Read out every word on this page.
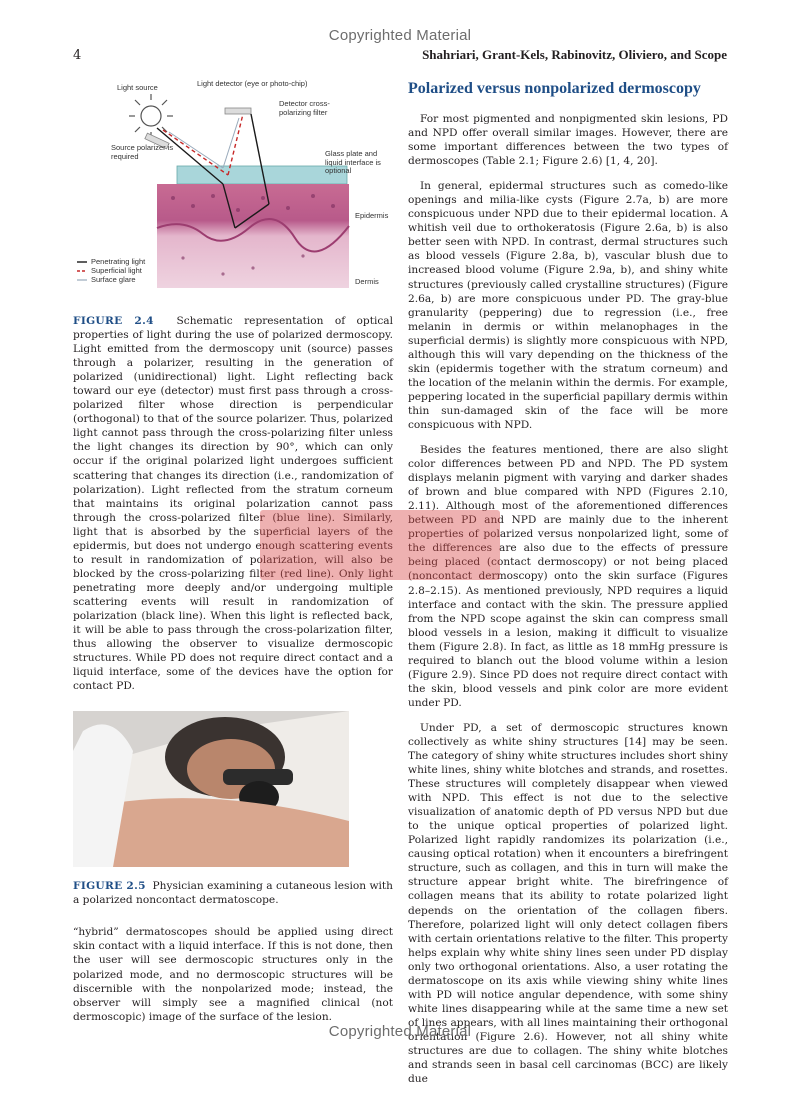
Copyrighted Material
4	Shahriari, Grant-Kels, Rabinovitz, Oliviero, and Scope
Light source	Light detector (eye or photo-chip)
Detector cross-polarizing filter
Source polarizer is required	Glass plate and liquid interface is optional
Epidermis
Dermis
Penetrating light
Superficial light
Surface glare

FIGURE 2.4 Schematic representation of optical properties of light during the use of polarized dermoscopy. Light emitted from the dermoscopy unit (source) passes through a polarizer, resulting in the generation of polarized (unidirectional) light. Light reflecting back toward our eye (detector) must first pass through a cross-polarized filter whose direction is perpendicular (orthogonal) to that of the source polarizer. Thus, polarized light cannot pass through the cross-polarizing filter unless the light changes its direction by 90°, which can only occur if the original polarized light undergoes sufficient scattering that changes its direction (i.e., randomization of polarization). Light reflected from the stratum corneum that maintains its original polarization cannot pass through the cross-polarized filter (blue line). Similarly, light that is absorbed by the superficial layers of the epidermis, but does not undergo enough scattering events to result in randomization of polarization, will also be blocked by the cross-polarizing filter (red line). Only light penetrating more deeply and/or undergoing multiple scattering events will result in randomization of polarization (black line). When this light is reflected back, it will be able to pass through the cross-polarization filter, thus allowing the observer to visualize dermoscopic structures. While PD does not require direct contact and a liquid interface, some of the devices have the option for contact PD.

FIGURE 2.5 Physician examining a cutaneous lesion with a polarized noncontact dermatoscope.

“hybrid” dermatoscopes should be applied using direct skin contact with a liquid interface. If this is not done, then the user will see dermoscopic structures only in the polarized mode, and no dermoscopic structures will be discernible with the nonpolarized mode; instead, the observer will simply see a magnified clinical (not dermoscopic) image of the surface of the lesion.

Polarized versus nonpolarized dermoscopy

For most pigmented and nonpigmented skin lesions, PD and NPD offer overall similar images. However, there are some important differences between the two types of dermoscopes (Table 2.1; Figure 2.6) [1, 4, 20].

In general, epidermal structures such as comedo-like openings and milia-like cysts (Figure 2.7a, b) are more conspicuous under NPD due to their epidermal location. A whitish veil due to orthokeratosis (Figure 2.6a, b) is also better seen with NPD. In contrast, dermal structures such as blood vessels (Figure 2.8a, b), vascular blush due to increased blood volume (Figure 2.9a, b), and shiny white structures (previously called crystalline structures) (Figure 2.6a, b) are more conspicuous under PD. The gray-blue granularity (peppering) due to regression (i.e., free melanin in dermis or within melanophages in the superficial dermis) is slightly more conspicuous with NPD, although this will vary depending on the thickness of the skin (epidermis together with the stratum corneum) and the location of the melanin within the dermis. For example, peppering located in the superficial papillary dermis within thin sun-damaged skin of the face will be more conspicuous with NPD.

Besides the features mentioned, there are also slight color differences between PD and NPD. The PD system displays melanin pigment with varying and darker shades of brown and blue compared with NPD (Figures 2.10, 2.11). Although most of the aforementioned differences between PD and NPD are mainly due to the inherent properties of polarized versus nonpolarized light, some of the differences are also due to the effects of pressure being placed (contact dermoscopy) or not being placed (noncontact dermoscopy) onto the skin surface (Figures 2.8–2.15). As mentioned previously, NPD requires a liquid interface and contact with the skin. The pressure applied from the NPD scope against the skin can compress small blood vessels in a lesion, making it difficult to visualize them (Figure 2.8). In fact, as little as 18 mmHg pressure is required to blanch out the blood volume within a lesion (Figure 2.9). Since PD does not require direct contact with the skin, blood vessels and pink color are more evident under PD.

Under PD, a set of dermoscopic structures known collectively as white shiny structures [14] may be seen. The category of shiny white structures includes short shiny white lines, shiny white blotches and strands, and rosettes. These structures will completely disappear when viewed with NPD. This effect is not due to the selective visualization of anatomic depth of PD versus NPD but due to the unique optical properties of polarized light. Polarized light rapidly randomizes its polarization (i.e., causing optical rotation) when it encounters a birefringent structure, such as collagen, and this in turn will make the structure appear bright white. The birefringence of collagen means that its ability to rotate polarized light depends on the orientation of the collagen fibers. Therefore, polarized light will only detect collagen fibers with certain orientations relative to the filter. This property helps explain why white shiny lines seen under PD display only two orthogonal orientations. Also, a user rotating the dermatoscope on its axis while viewing shiny white lines with PD will notice angular dependence, with some shiny white lines disappearing while at the same time a new set of lines appears, with all lines maintaining their orthogonal orientation (Figure 2.6). However, not all shiny white structures are due to collagen. The shiny white blotches and strands seen in basal cell carcinomas (BCC) are likely due

Copyrighted Material
